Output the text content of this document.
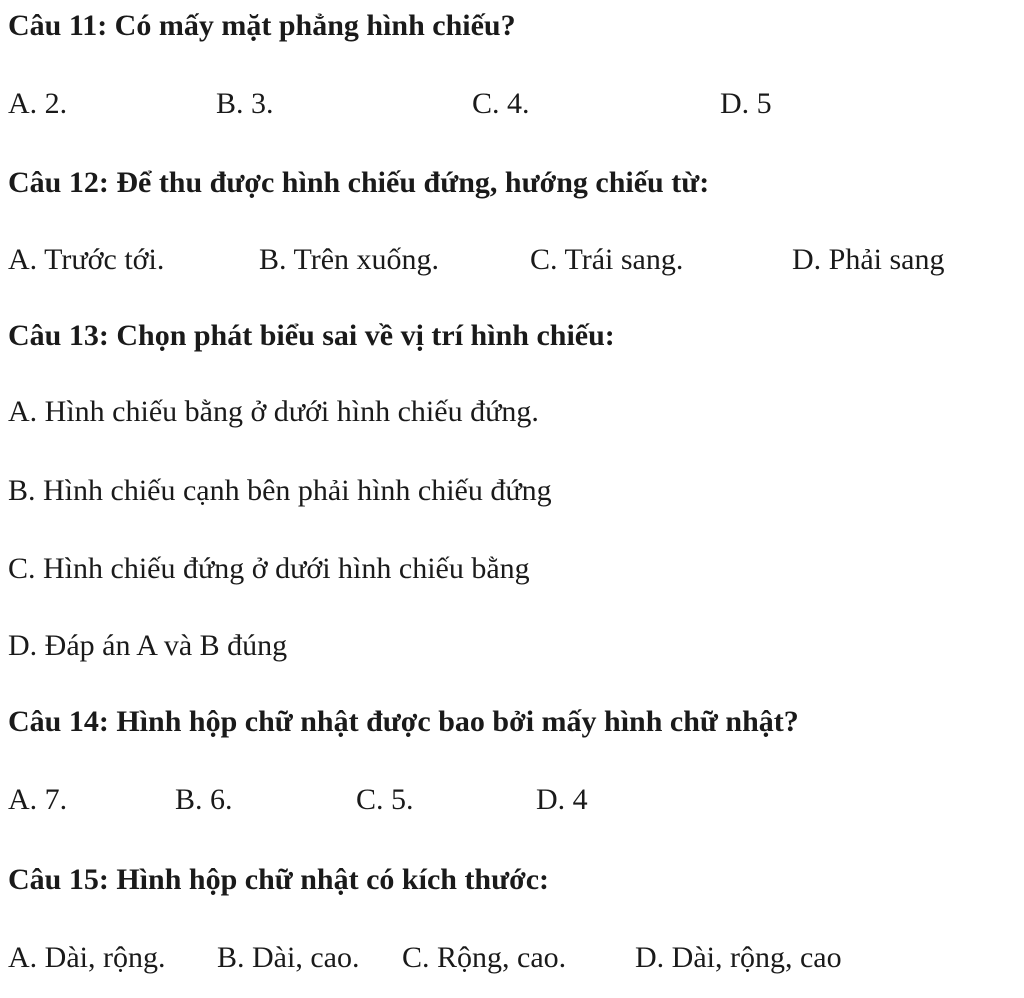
Câu 11: Có mấy mặt phẳng hình chiếu?
A. 2.	B. 3.	C. 4.	D. 5
Câu 12: Để thu được hình chiếu đứng, hướng chiếu từ:
A. Trước tới.	B. Trên xuống.	C. Trái sang.	D. Phải sang
Câu 13: Chọn phát biểu sai về vị trí hình chiếu:
A. Hình chiếu bằng ở dưới hình chiếu đứng.
B. Hình chiếu cạnh bên phải hình chiếu đứng
C. Hình chiếu đứng ở dưới hình chiếu bằng
D. Đáp án A và B đúng
Câu 14: Hình hộp chữ nhật được bao bởi mấy hình chữ nhật?
A. 7.	B. 6.	C. 5.	D. 4
Câu 15: Hình hộp chữ nhật có kích thước:
A. Dài, rộng. B. Dài, cao. C. Rộng, cao. D. Dài, rộng, cao
